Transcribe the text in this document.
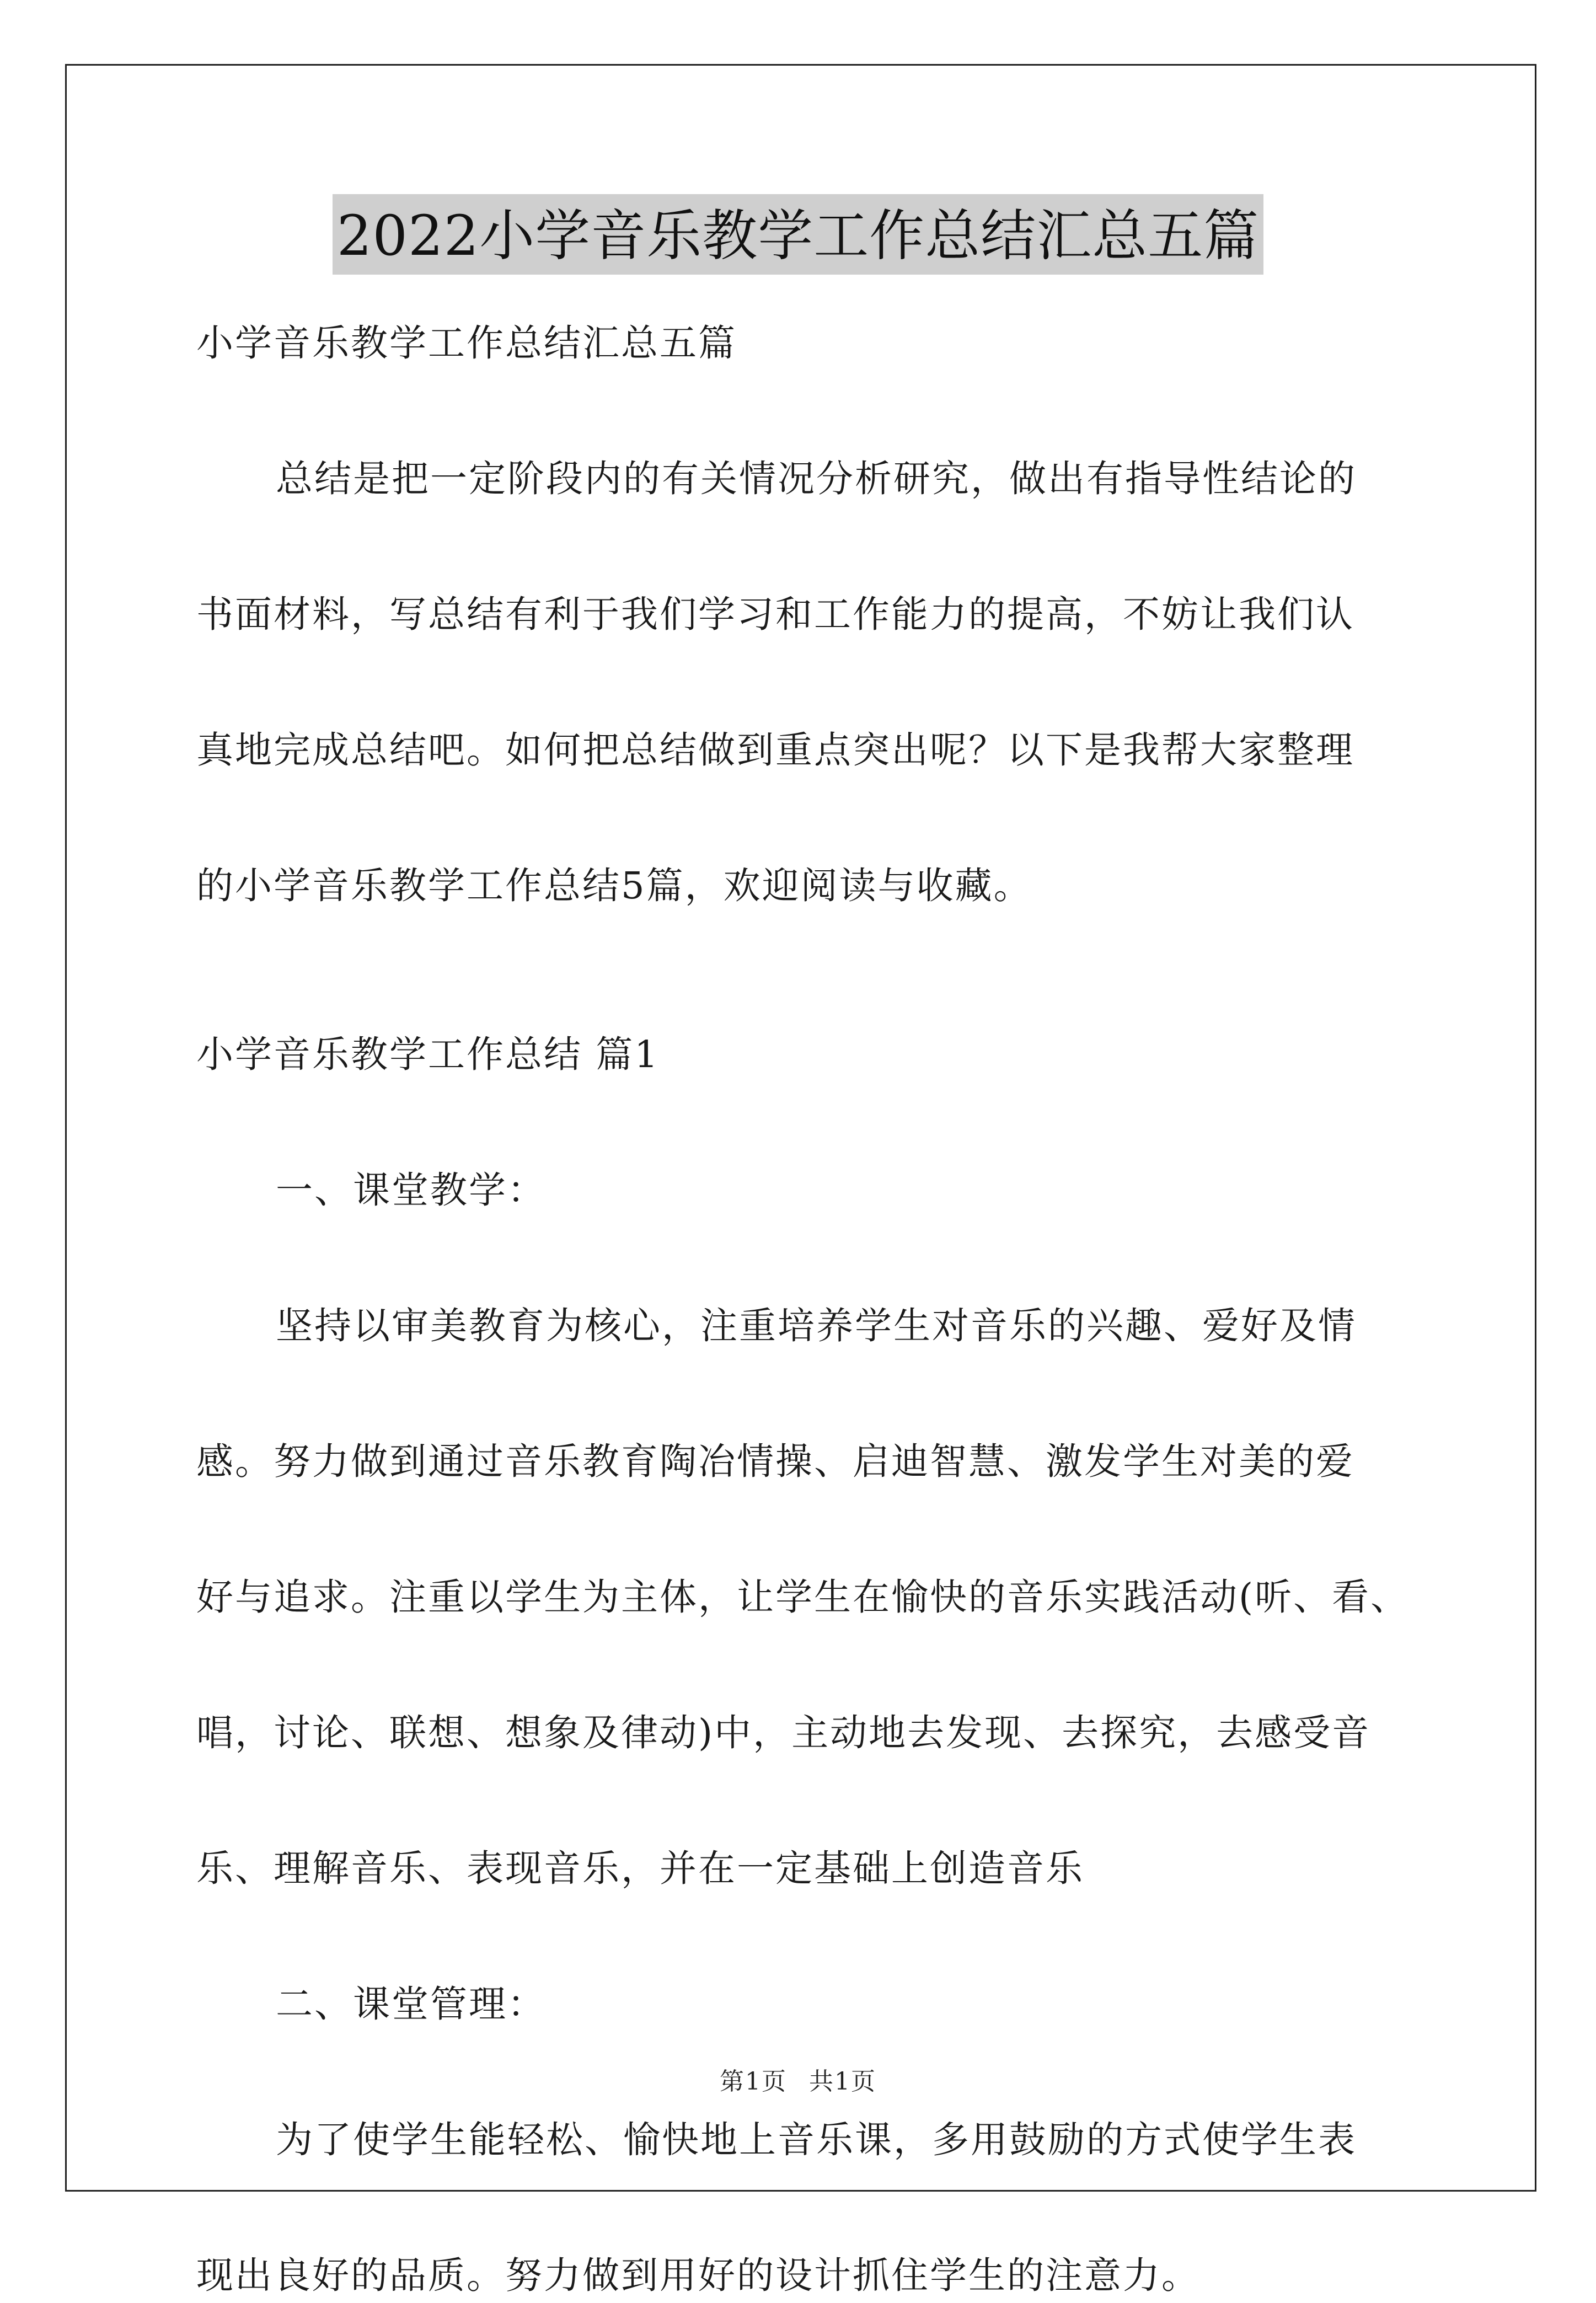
2022小学音乐教学工作总结汇总五篇
小学音乐教学工作总结汇总五篇
总结是把一定阶段内的有关情况分析研究，做出有指导性结论的
书面材料，写总结有利于我们学习和工作能力的提高，不妨让我们认
真地完成总结吧。如何把总结做到重点突出呢？以下是我帮大家整理
的小学音乐教学工作总结5篇，欢迎阅读与收藏。
小学音乐教学工作总结 篇1
一、课堂教学：
坚持以审美教育为核心，注重培养学生对音乐的兴趣、爱好及情
感。努力做到通过音乐教育陶冶情操、启迪智慧、激发学生对美的爱
好与追求。注重以学生为主体，让学生在愉快的音乐实践活动(听、看、
唱，讨论、联想、想象及律动)中，主动地去发现、去探究，去感受音
乐、理解音乐、表现音乐，并在一定基础上创造音乐
二、课堂管理：
为了使学生能轻松、愉快地上音乐课，多用鼓励的方式使学生表
现出良好的品质。努力做到用好的设计抓住学生的注意力。
第1页 共1页
